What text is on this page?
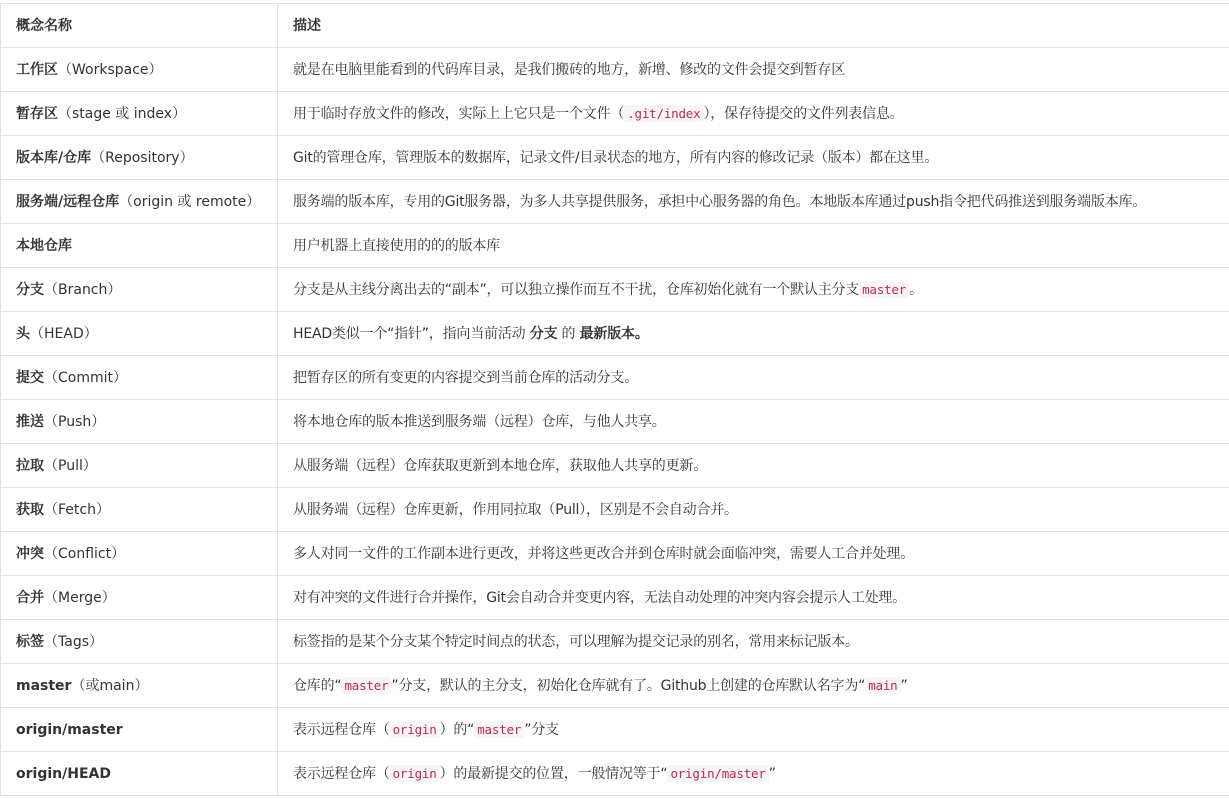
概念名称	描述
工作区（Workspace）	就是在电脑里能看到的代码库目录，是我们搬砖的地方，新增、修改的文件会提交到暂存区
暂存区（stage 或 index）	用于临时存放文件的修改，实际上上它只是一个文件（ .git/index ），保存待提交的文件列表信息。
版本库/仓库（Repository）	Git的管理仓库，管理版本的数据库，记录文件/目录状态的地方，所有内容的修改记录（版本）都在这里。
服务端/远程仓库（origin 或 remote）	服务端的版本库，专用的Git服务器，为多人共享提供服务，承担中心服务器的角色。本地版本库通过push指令把代码推送到服务端版本库。
本地仓库	用户机器上直接使用的的的版本库
分支（Branch）	分支是从主线分离出去的“副本”，可以独立操作而互不干扰，仓库初始化就有一个默认主分支 master 。
头（HEAD）	HEAD类似一个“指针”，指向当前活动 分支 的 最新版本。
提交（Commit）	把暂存区的所有变更的内容提交到当前仓库的活动分支。
推送（Push）	将本地仓库的版本推送到服务端（远程）仓库，与他人共享。
拉取（Pull）	从服务端（远程）仓库获取更新到本地仓库，获取他人共享的更新。
获取（Fetch）	从服务端（远程）仓库更新，作用同拉取（Pull），区别是不会自动合并。
冲突（Conflict）	多人对同一文件的工作副本进行更改，并将这些更改合并到仓库时就会面临冲突，需要人工合并处理。
合并（Merge）	对有冲突的文件进行合并操作，Git会自动合并变更内容，无法自动处理的冲突内容会提示人工处理。
标签（Tags）	标签指的是某个分支某个特定时间点的状态，可以理解为提交记录的别名，常用来标记版本。
master（或main）	仓库的“ master ”分支，默认的主分支，初始化仓库就有了。Github上创建的仓库默认名字为“ main ”
origin/master	表示远程仓库（ origin ）的“ master ”分支
origin/HEAD	表示远程仓库（ origin ）的最新提交的位置，一般情况等于“ origin/master ”
